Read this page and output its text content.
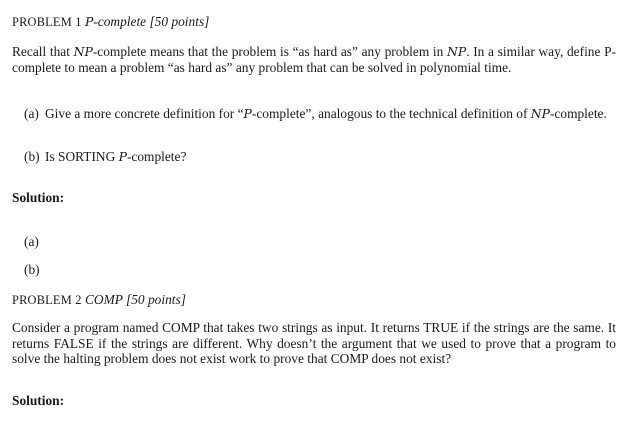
PROBLEM 1 P-complete [50 points]
Recall that NP-complete means that the problem is “as hard as” any problem in NP. In a similar way, define P-complete to mean a problem “as hard as” any problem that can be solved in polynomial time.
(a) Give a more concrete definition for “P-complete”, analogous to the technical definition of NP-complete.
(b) Is SORTING P-complete?
Solution:
(a)
(b)
PROBLEM 2 COMP [50 points]
Consider a program named COMP that takes two strings as input. It returns TRUE if the strings are the same. It returns FALSE if the strings are different. Why doesn’t the argument that we used to prove that a program to solve the halting problem does not exist work to prove that COMP does not exist?
Solution:
